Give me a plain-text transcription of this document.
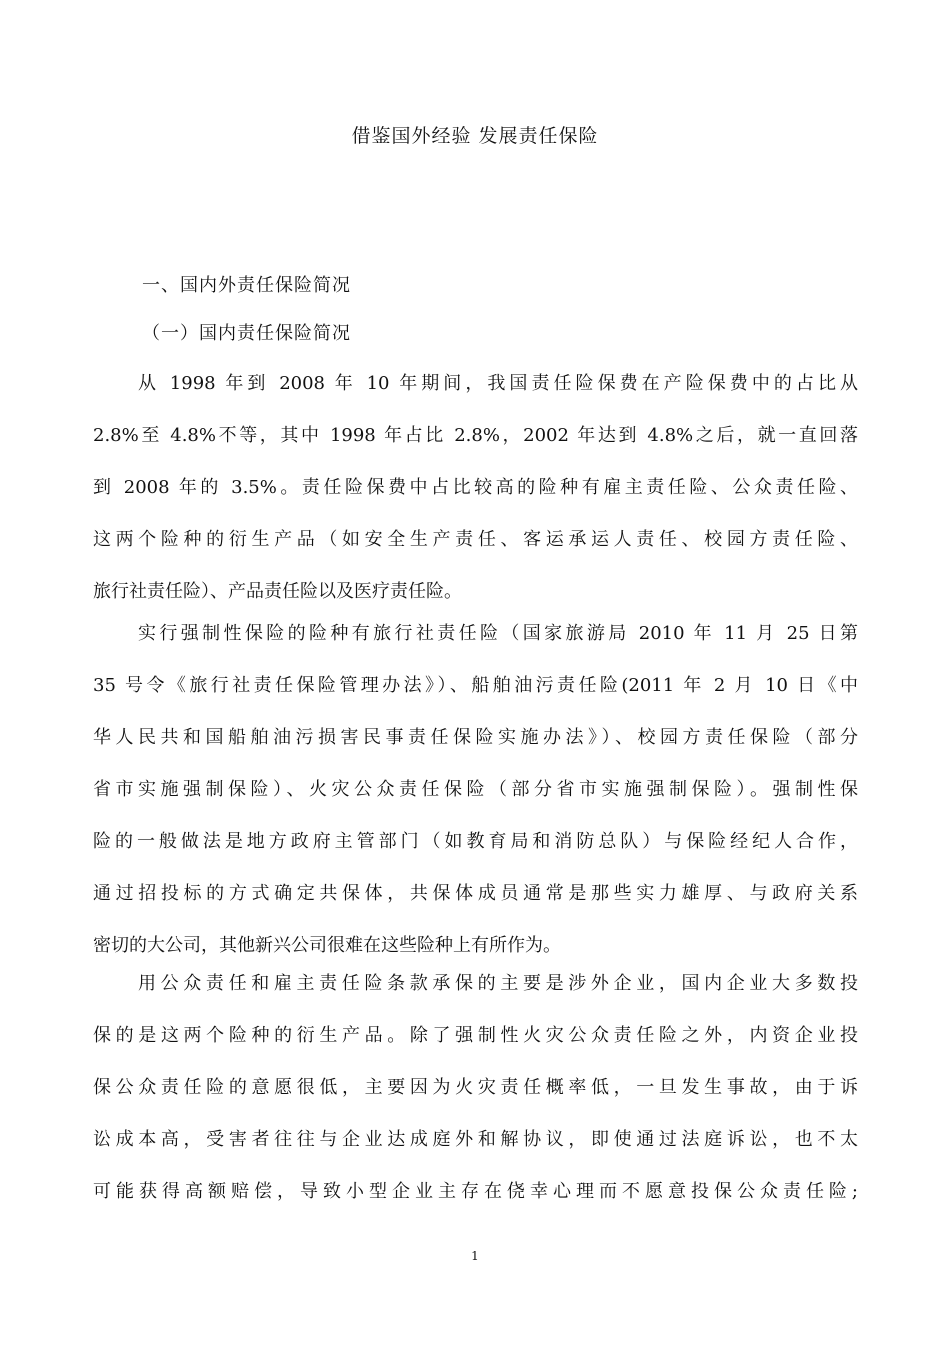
借鉴国外经验 发展责任保险
一、国内外责任保险简况
（一）国内责任保险简况
从 1998 年到 2008 年 10 年期间，我国责任险保费在产险保费中的占比从
2.8%至 4.8%不等，其中 1998 年占比 2.8%，2002 年达到 4.8%之后，就一直回落
到 2008 年的 3.5%。责任险保费中占比较高的险种有雇主责任险、公众责任险、
这两个险种的衍生产品（如安全生产责任、客运承运人责任、校园方责任险、
旅行社责任险）、产品责任险以及医疗责任险。
实行强制性保险的险种有旅行社责任险（国家旅游局 2010 年 11 月 25 日第
35 号令《旅行社责任保险管理办法》）、船舶油污责任险(2011 年 2 月 10 日《中
华人民共和国船舶油污损害民事责任保险实施办法》）、校园方责任保险（部分
省市实施强制保险）、火灾公众责任保险（部分省市实施强制保险）。强制性保
险的一般做法是地方政府主管部门（如教育局和消防总队）与保险经纪人合作，
通过招投标的方式确定共保体，共保体成员通常是那些实力雄厚、与政府关系
密切的大公司，其他新兴公司很难在这些险种上有所作为。
用公众责任和雇主责任险条款承保的主要是涉外企业，国内企业大多数投
保的是这两个险种的衍生产品。除了强制性火灾公众责任险之外，内资企业投
保公众责任险的意愿很低，主要因为火灾责任概率低，一旦发生事故，由于诉
讼成本高，受害者往往与企业达成庭外和解协议，即使通过法庭诉讼，也不太
可能获得高额赔偿，导致小型企业主存在侥幸心理而不愿意投保公众责任险;
1
